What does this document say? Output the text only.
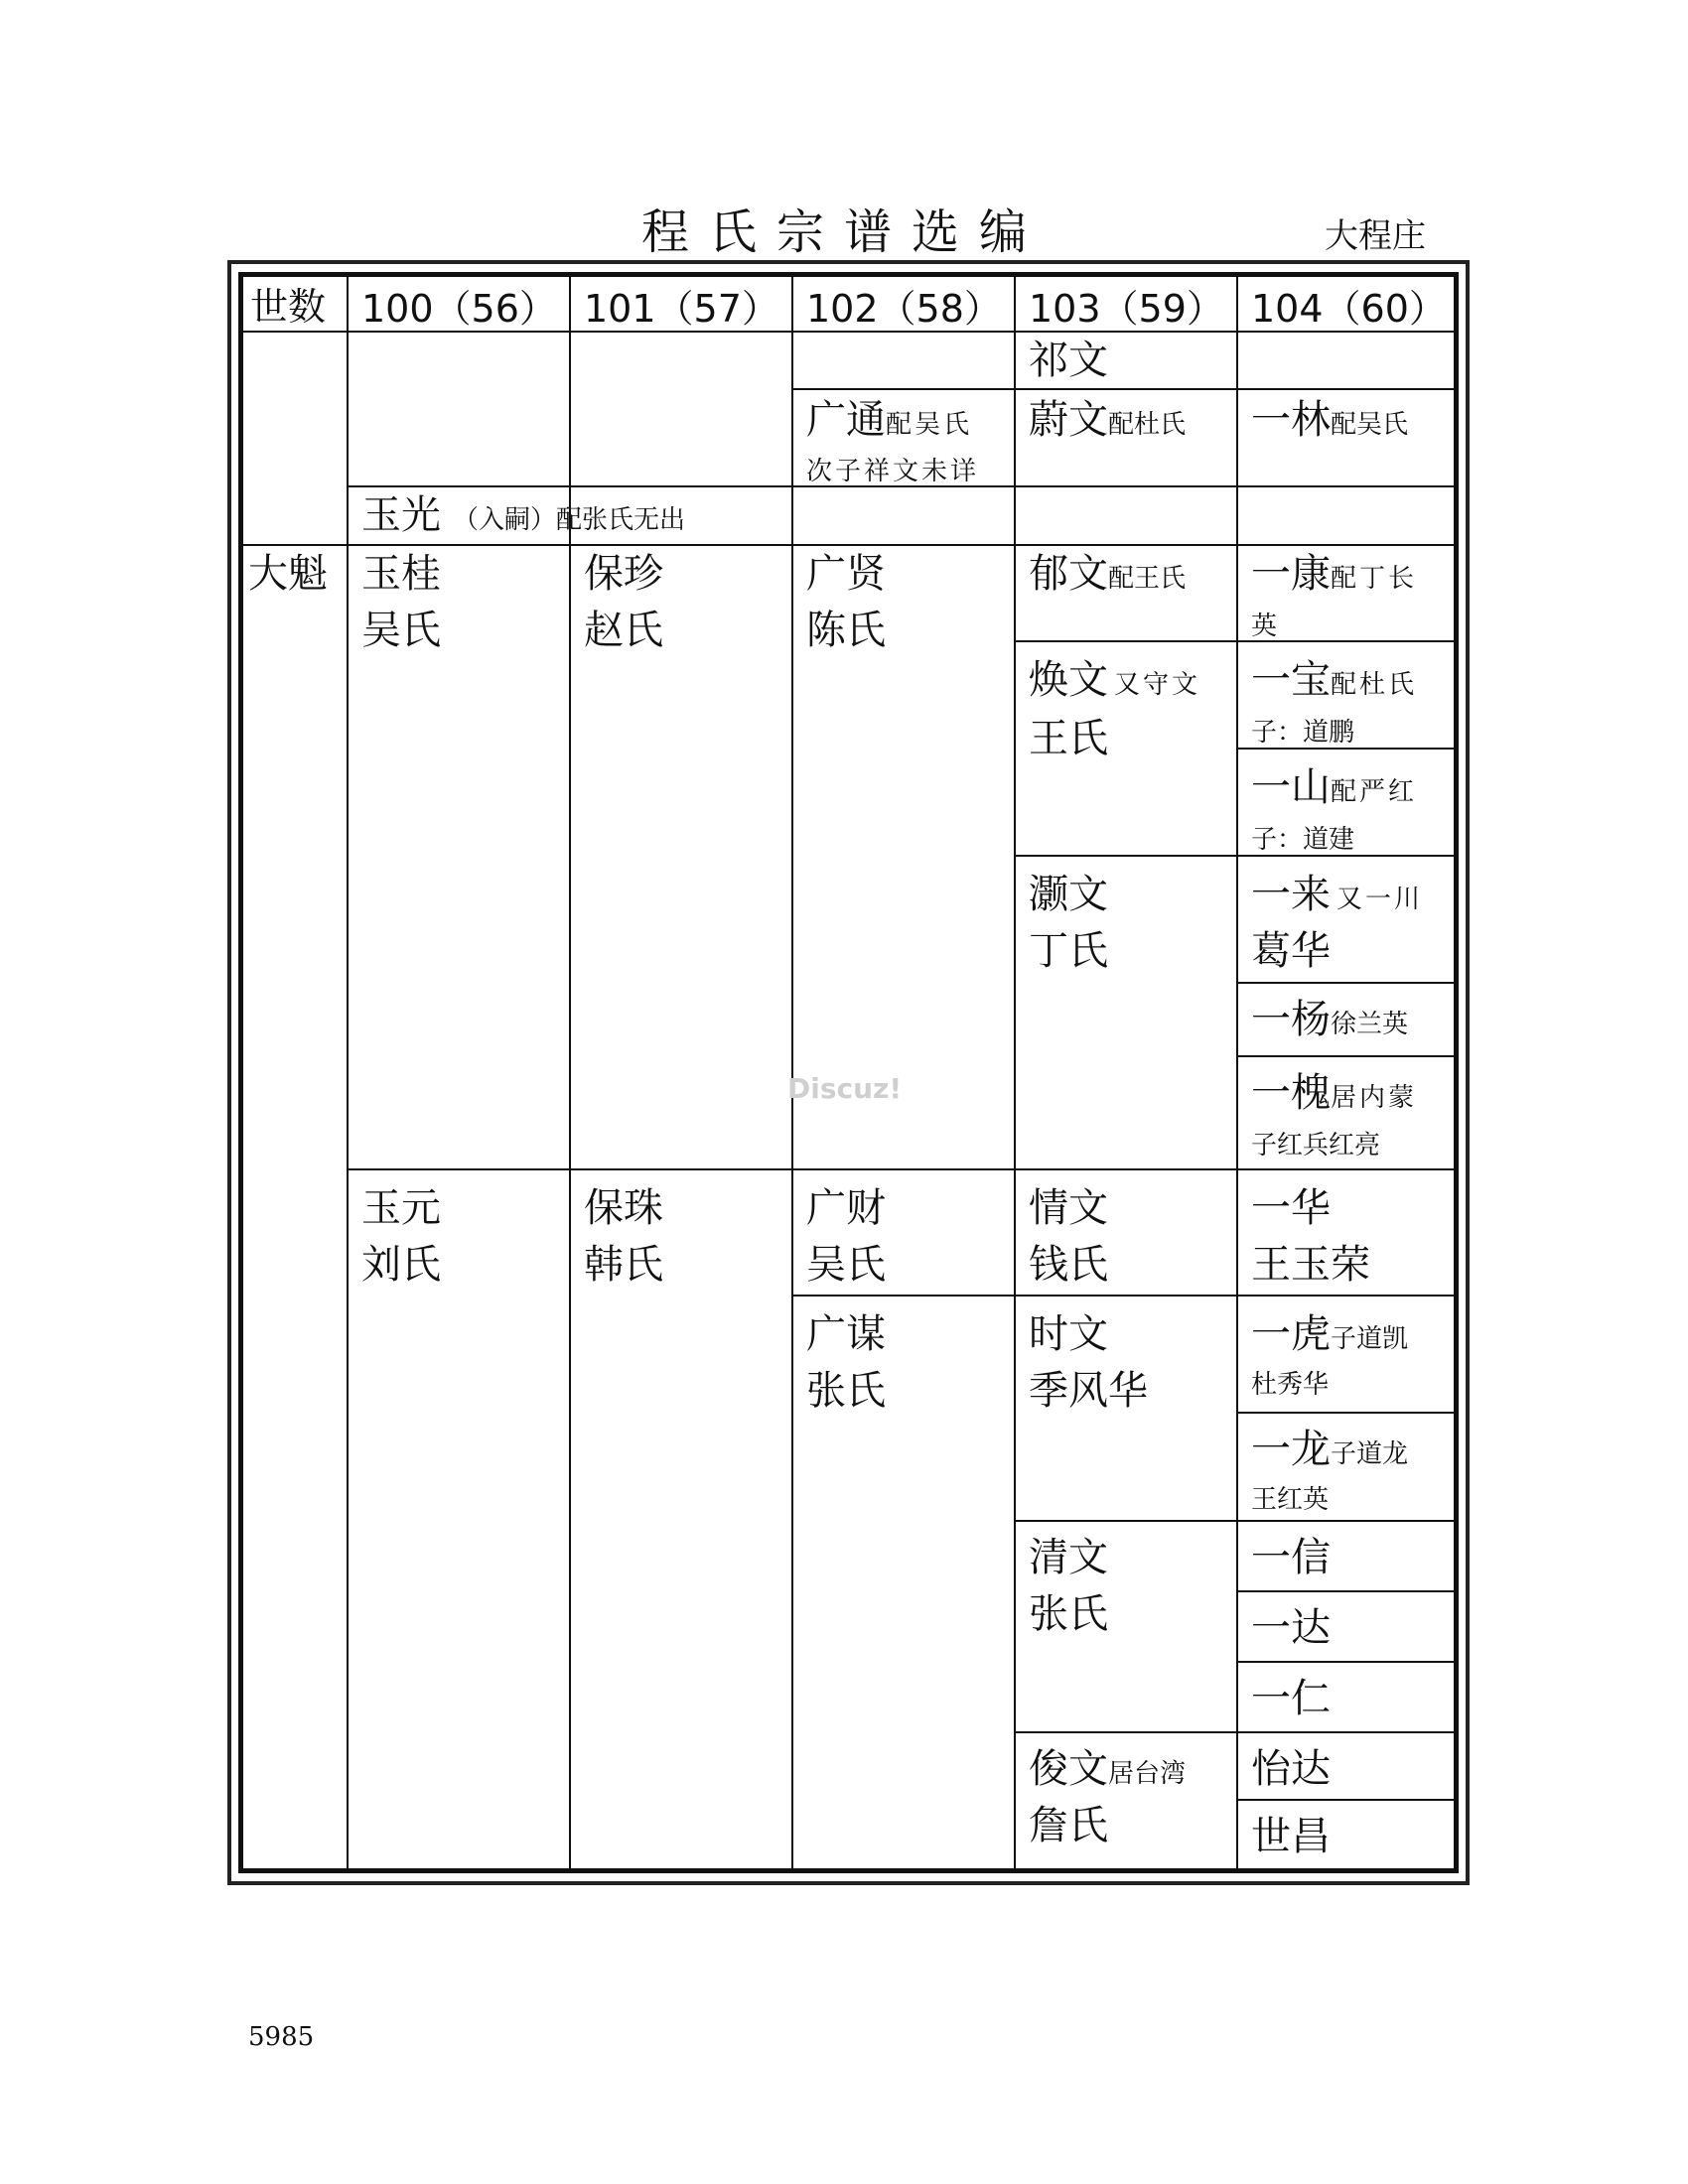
程氏宗谱选编	大程庄
世数 100（56） 101（57） 102（58） 103（59） 104（60）
祁文
广通配吴氏
次子祥文未详
蔚文配杜氏 一林配吴氏
玉光 （入嗣）配张氏无出
大魁 玉桂
吴氏
保珍
赵氏
广贤
陈氏
郁文配王氏 一康配丁长
英
焕文 又守文
王氏
一宝配杜氏
子：道鹏
一山配严红
子：道建
灏文
丁氏
一来 又一川
葛华
一杨徐兰英
一槐居内蒙
子红兵红亮
玉元
刘氏
保珠
韩氏
广财
吴氏
情文
钱氏
一华
王玉荣
广谋
张氏
时文
季风华
一虎子道凯
杜秀华
一龙子道龙
王红英
清文
张氏
一信
一达
一仁
俊文居台湾
詹氏
怡达
世昌
Discuz!
5985
